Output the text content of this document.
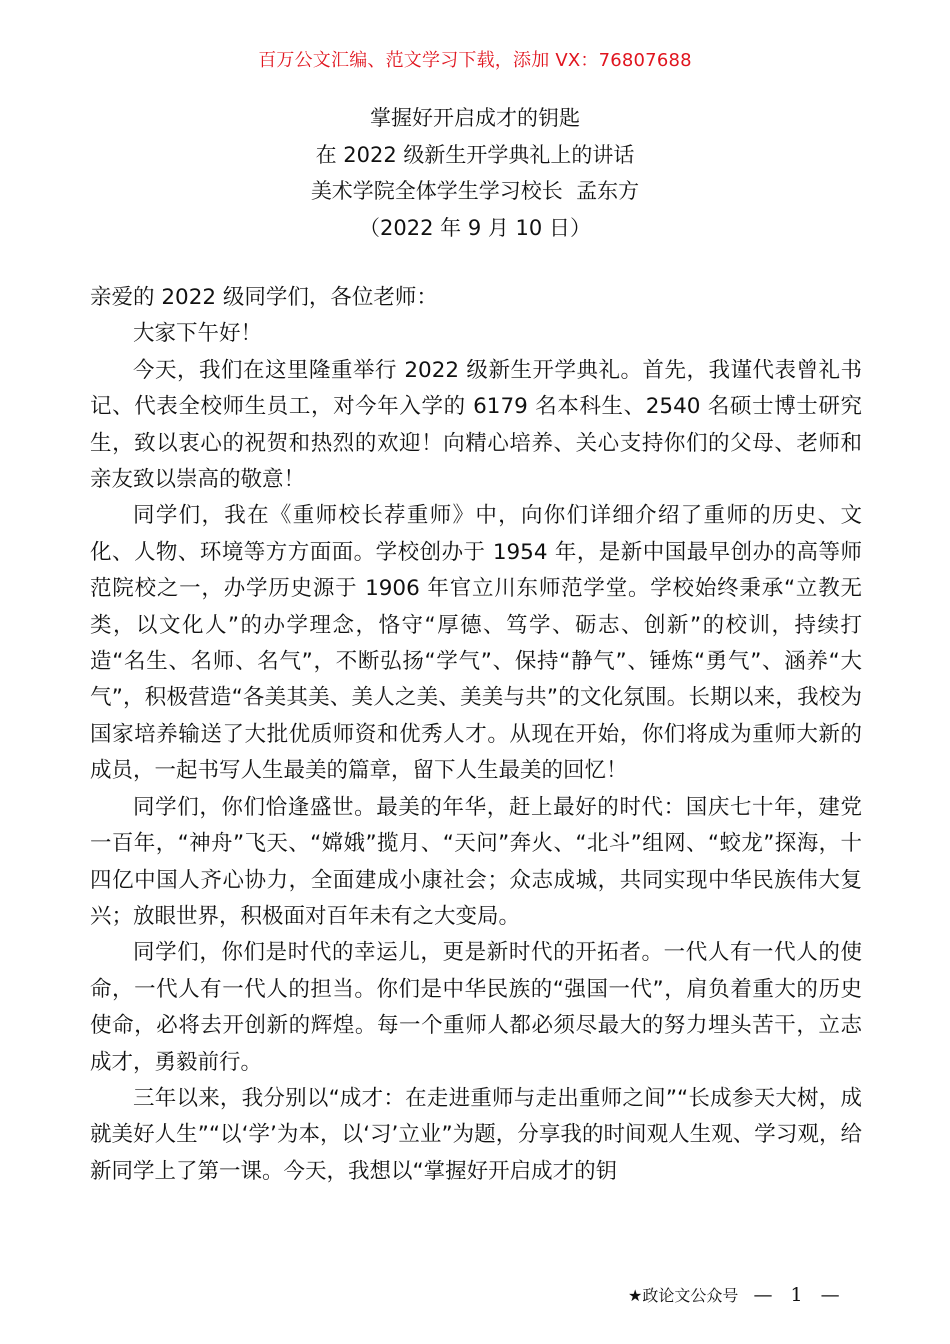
百万公文汇编、范文学习下载，添加 VX：76807688
掌握好开启成才的钥匙
在 2022 级新生开学典礼上的讲话
美术学院全体学生学习校长  孟东方
（2022 年 9 月 10 日）

亲爱的 2022 级同学们，各位老师：

大家下午好！

今天，我们在这里隆重举行 2022 级新生开学典礼。首先，我谨代表曾礼书记、代表全校师生员工，对今年入学的 6179 名本科生、2540 名硕士博士研究生，致以衷心的祝贺和热烈的欢迎！向精心培养、关心支持你们的父母、老师和亲友致以崇高的敬意！

同学们，我在《重师校长荐重师》中，向你们详细介绍了重师的历史、文化、人物、环境等方方面面。学校创办于 1954 年，是新中国最早创办的高等师范院校之一，办学历史源于 1906 年官立川东师范学堂。学校始终秉承“立教无类，以文化人”的办学理念，恪守“厚德、笃学、砺志、创新”的校训，持续打造“名生、名师、名气”，不断弘扬“学气”、保持“静气”、锤炼“勇气”、涵养“大气”，积极营造“各美其美、美人之美、美美与共”的文化氛围。长期以来，我校为国家培养输送了大批优质师资和优秀人才。从现在开始，你们将成为重师大新的成员，一起书写人生最美的篇章，留下人生最美的回忆！

同学们，你们恰逢盛世。最美的年华，赶上最好的时代：国庆七十年，建党一百年，“神舟”飞天、“嫦娥”揽月、“天问”奔火、“北斗”组网、“蛟龙”探海，十四亿中国人齐心协力，全面建成小康社会；众志成城，共同实现中华民族伟大复兴；放眼世界，积极面对百年未有之大变局。

同学们，你们是时代的幸运儿，更是新时代的开拓者。一代人有一代人的使命，一代人有一代人的担当。你们是中华民族的“强国一代”，肩负着重大的历史使命，必将去开创新的辉煌。每一个重师人都必须尽最大的努力埋头苦干，立志成才，勇毅前行。

三年以来，我分别以“成才：在走进重师与走出重师之间”“长成参天大树，成就美好人生”“以‘学’为本，以‘习’立业”为题，分享我的时间观人生观、学习观，给新同学上了第一课。今天，我想以“掌握好开启成才的钥

★政论文公众号 — 1 —
